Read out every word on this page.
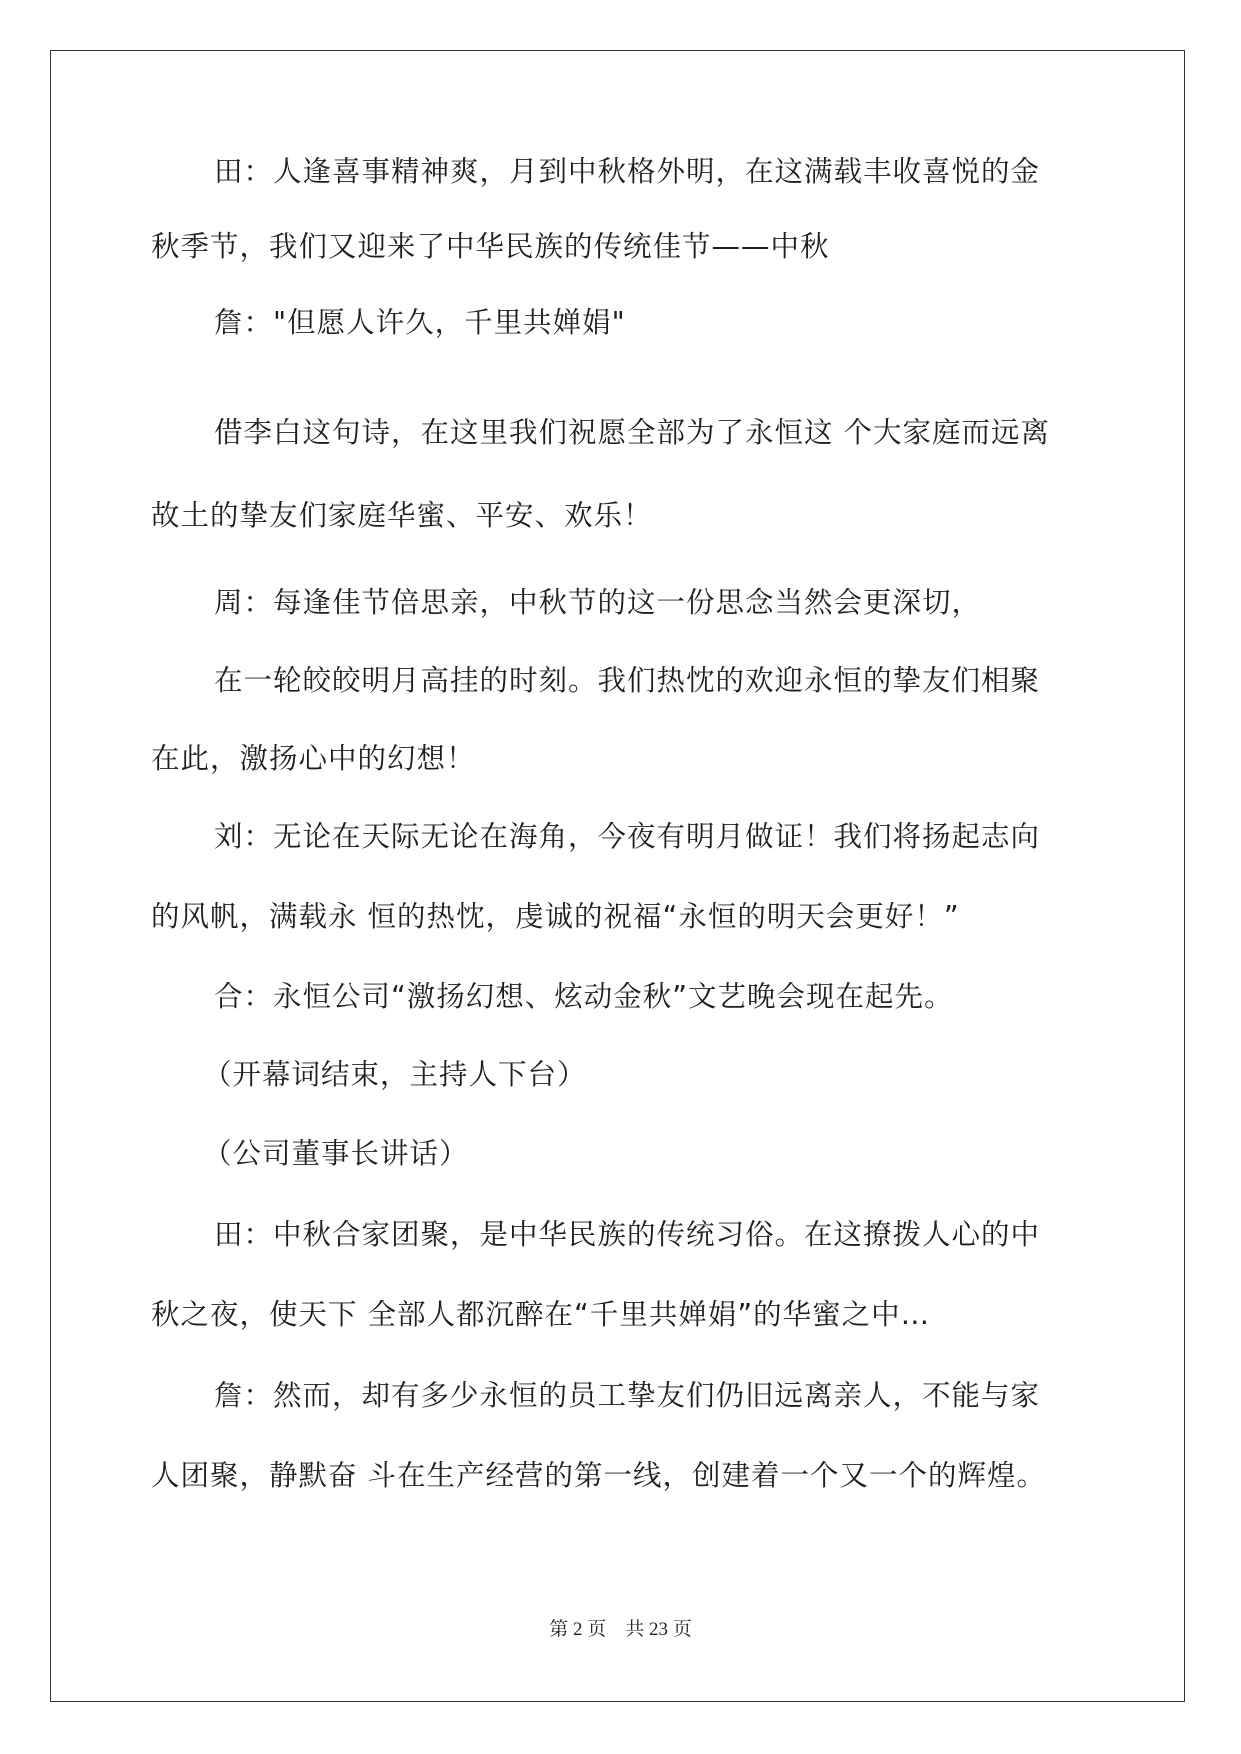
田：人逢喜事精神爽，月到中秋格外明，在这满载丰收喜悦的金

秋季节，我们又迎来了中华民族的传统佳节——中秋

詹："但愿人许久，千里共婵娟"

借李白这句诗，在这里我们祝愿全部为了永恒这 个大家庭而远离

故土的挚友们家庭华蜜、平安、欢乐！

周：每逢佳节倍思亲，中秋节的这一份思念当然会更深切，

在一轮皎皎明月高挂的时刻。我们热忱的欢迎永恒的挚友们相聚

在此，激扬心中的幻想！

刘：无论在天际无论在海角，今夜有明月做证！我们将扬起志向

的风帆，满载永 恒的热忱，虔诚的祝福“永恒的明天会更好！”

合：永恒公司“激扬幻想、炫动金秋”文艺晚会现在起先。

（开幕词结束，主持人下台）

（公司董事长讲话）

田：中秋合家团聚，是中华民族的传统习俗。在这撩拨人心的中

秋之夜，使天下 全部人都沉醉在“千里共婵娟”的华蜜之中…

詹：然而，却有多少永恒的员工挚友们仍旧远离亲人，不能与家

人团聚，静默奋 斗在生产经营的第一线，创建着一个又一个的辉煌。

第 2 页　共 23 页
